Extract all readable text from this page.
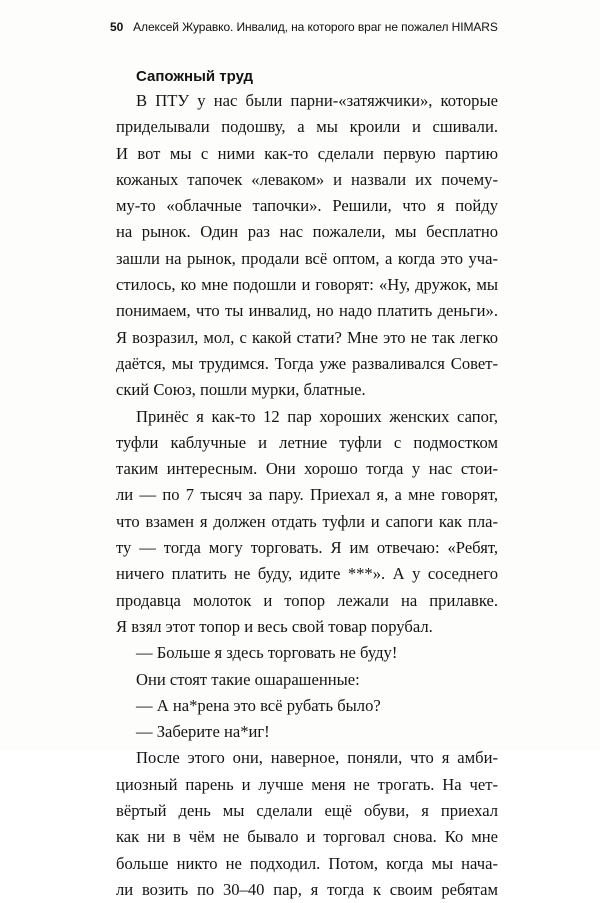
50 Алексей Журавко. Инвалид, на которого враг не пожалел HIMARS
Сапожный труд
В ПТУ у нас были парни-«затяжчики», которые
приделывали подошву, а мы кроили и сшивали.
И вот мы с ними как-то сделали первую партию
кожаных тапочек «леваком» и назвали их почему-
му-то «облачные тапочки». Решили, что я пойду
на рынок. Один раз нас пожалели, мы бесплатно
зашли на рынок, продали всё оптом, а когда это уча-
стилось, ко мне подошли и говорят: «Ну, дружок, мы
понимаем, что ты инвалид, но надо платить деньги».
Я возразил, мол, с какой стати? Мне это не так легко
даётся, мы трудимся. Тогда уже разваливался Совет-
ский Союз, пошли мурки, блатные.
Принёс я как-то 12 пар хороших женских сапог,
туфли каблучные и летние туфли с подмостком
таким интересным. Они хорошо тогда у нас стои-
ли — по 7 тысяч за пару. Приехал я, а мне говорят,
что взамен я должен отдать туфли и сапоги как пла-
ту — тогда могу торговать. Я им отвечаю: «Ребят,
ничего платить не буду, идите ***». А у соседнего
продавца молоток и топор лежали на прилавке.
Я взял этот топор и весь свой товар порубал.
— Больше я здесь торговать не буду!
Они стоят такие ошарашенные:
— А на*рена это всё рубать было?
— Заберите на*иг!
После этого они, наверное, поняли, что я амби-
циозный парень и лучше меня не трогать. На чет-
вёртый день мы сделали ещё обуви, я приехал
как ни в чём не бывало и торговал снова. Ко мне
больше никто не подходил. Потом, когда мы нача-
ли возить по 30–40 пар, я тогда к своим ребятам
